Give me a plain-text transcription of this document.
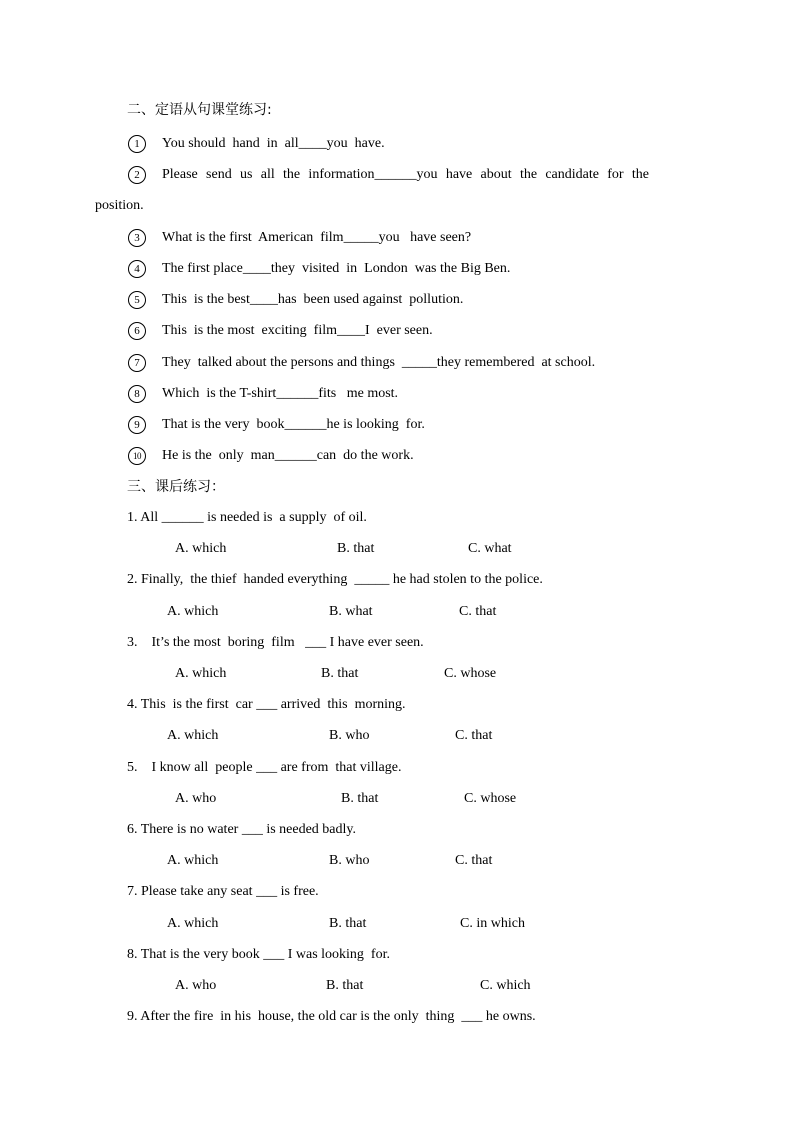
二、定语从句课堂练习:
1	You should  hand  in  all____you  have.
2	Please send us all the information______you have about the candidate for the
position.
3	What is the first  American  film_____you   have seen?
4	The first place____they  visited  in  London  was the Big Ben.
5	This  is the best____has  been used against  pollution.
6	This  is the most  exciting  film____I  ever seen.
7	They  talked about the persons and things  _____they remembered  at school.
8	Which  is the T-shirt______fits   me most.
9	That is the very  book______he is looking  for.
10	He is the  only  man______can  do the work.
三、课后练习：
1. All ______ is needed is  a supply  of oil.
A. which	B. that	C. what
2. Finally,  the thief  handed everything  _____ he had stolen to the police.
A. which	B. what	C. that
3.    It’s the most  boring  film   ___ I have ever seen.
A. which	B. that	C. whose
4. This  is the first  car ___ arrived  this  morning.
A. which	B. who	C. that
5.    I know all  people ___ are from  that village.
A. who	B. that	C. whose
6. There is no water ___ is needed badly.
A. which	B. who	C. that
7. Please take any seat ___ is free.
A. which	B. that	C. in which
8. That is the very book ___ I was looking  for.
A. who	B. that	C. which
9. After the fire  in his  house, the old car is the only  thing  ___ he owns.
